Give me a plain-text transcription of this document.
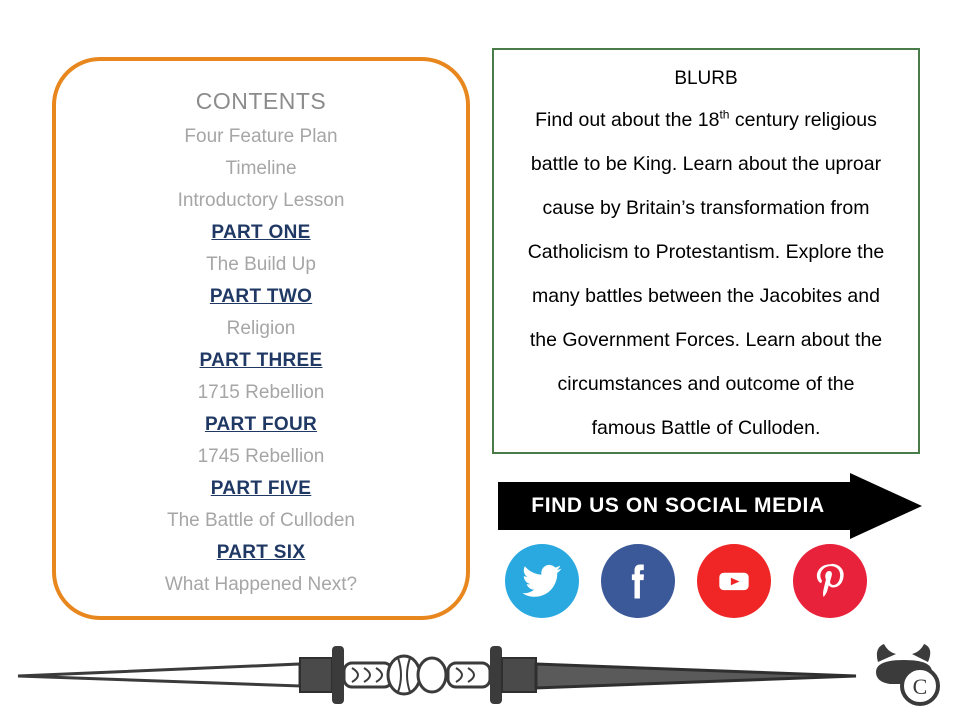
CONTENTS

Four Feature Plan

Timeline

Introductory Lesson

PART ONE

The Build Up

PART TWO

Religion

PART THREE

1715 Rebellion

PART FOUR

1745 Rebellion

PART FIVE

The Battle of Culloden

PART SIX

What Happened Next?

BLURB

Find out about the 18th century religious

battle to be King. Learn about the uproar

cause by Britain’s transformation from

Catholicism to Protestantism. Explore the

many battles between the Jacobites and

the Government Forces. Learn about the

circumstances and outcome of the

famous Battle of Culloden.

FIND US ON SOCIAL MEDIA
C
